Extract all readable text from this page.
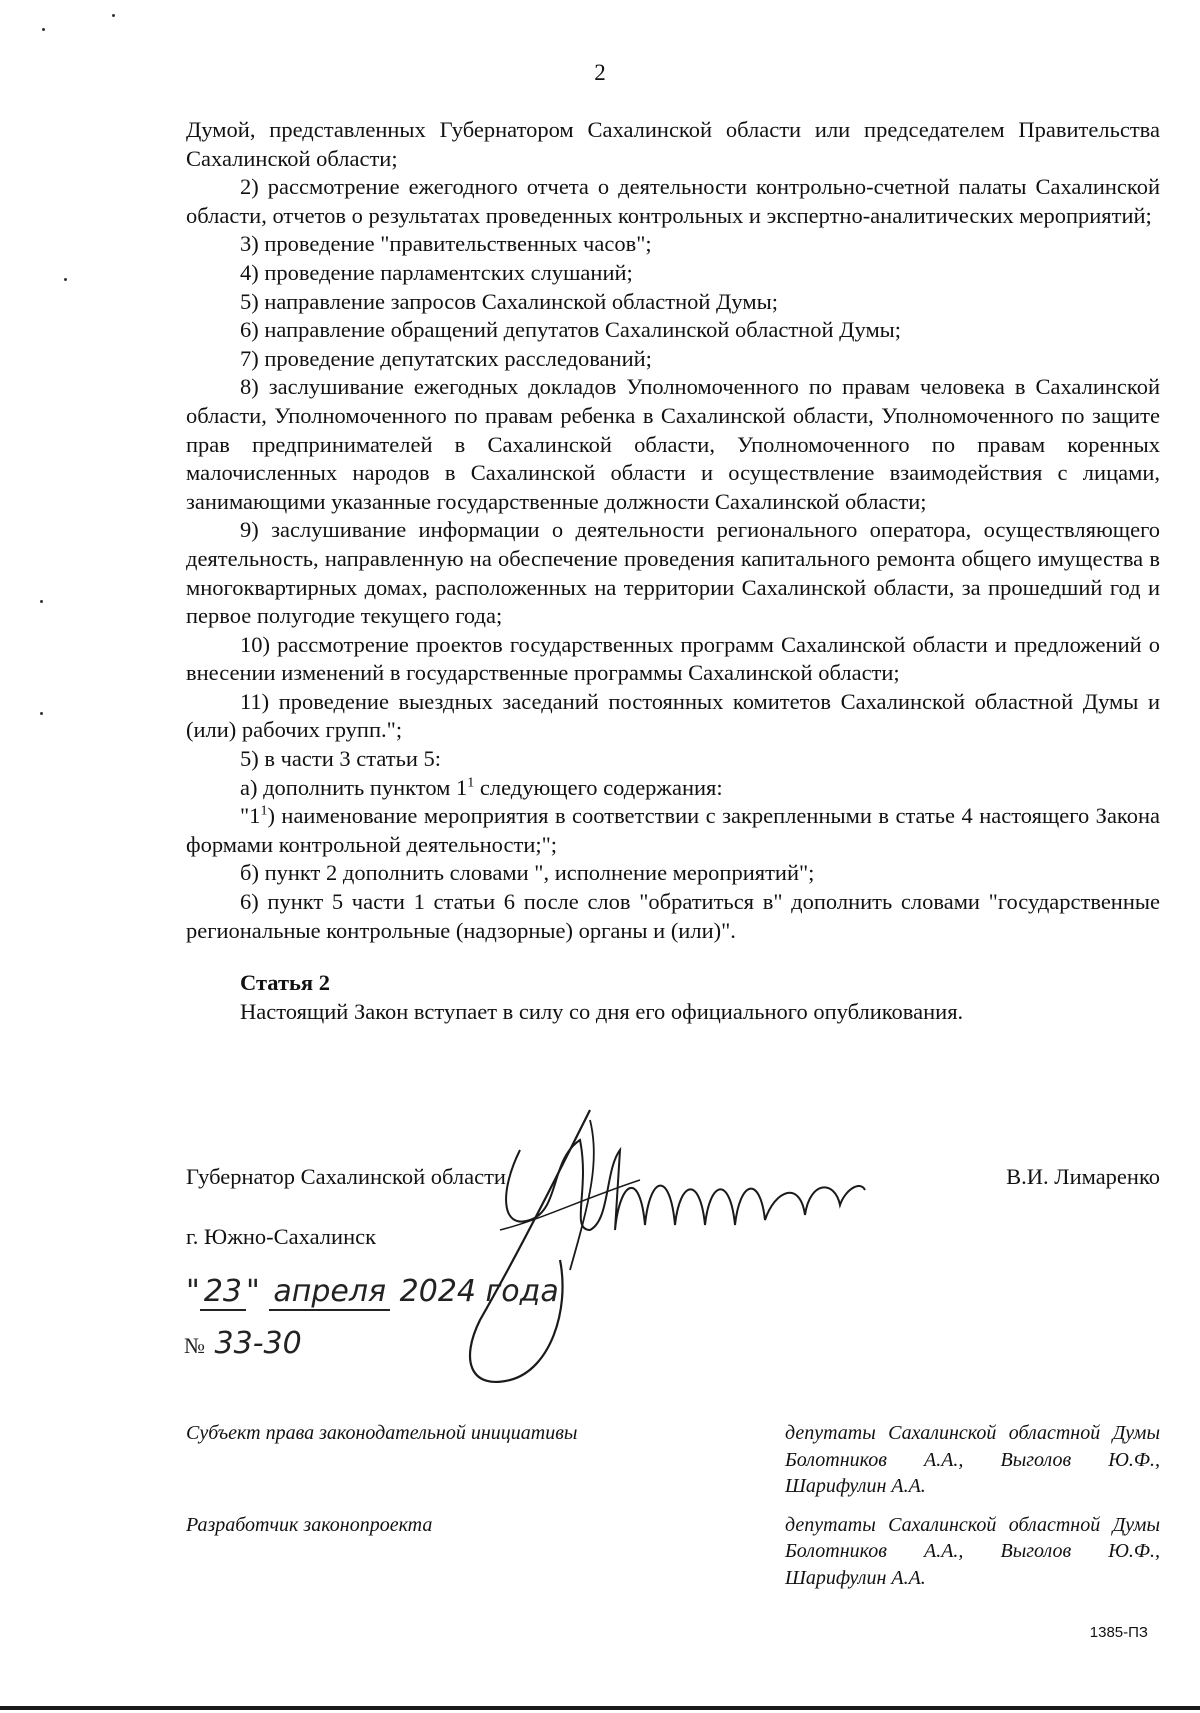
2

Думой, представленных Губернатором Сахалинской области или председателем Правительства Сахалинской области;

2) рассмотрение ежегодного отчета о деятельности контрольно-счетной палаты Сахалинской области, отчетов о результатах проведенных контрольных и экспертно-аналитических мероприятий;

3) проведение "правительственных часов";

4) проведение парламентских слушаний;

5) направление запросов Сахалинской областной Думы;

6) направление обращений депутатов Сахалинской областной Думы;

7) проведение депутатских расследований;

8) заслушивание ежегодных докладов Уполномоченного по правам человека в Сахалинской области, Уполномоченного по правам ребенка в Сахалинской области, Уполномоченного по защите прав предпринимателей в Сахалинской области, Уполномоченного по правам коренных малочисленных народов в Сахалинской области и осуществление взаимодействия с лицами, занимающими указанные государственные должности Сахалинской области;

9) заслушивание информации о деятельности регионального оператора, осуществляющего деятельность, направленную на обеспечение проведения капитального ремонта общего имущества в многоквартирных домах, расположенных на территории Сахалинской области, за прошедший год и первое полугодие текущего года;

10) рассмотрение проектов государственных программ Сахалинской области и предложений о внесении изменений в государственные программы Сахалинской области;

11) проведение выездных заседаний постоянных комитетов Сахалинской областной Думы и (или) рабочих групп.";

5) в части 3 статьи 5:

а) дополнить пунктом $1^1$ следующего содержания:

"$1^1$) наименование мероприятия в соответствии с закрепленными в статье 4 настоящего Закона формами контрольной деятельности;";

б) пункт 2 дополнить словами ", исполнение мероприятий";

6) пункт 5 части 1 статьи 6 после слов "обратиться в" дополнить словами "государственные региональные контрольные (надзорные) органы и (или)".

Статья 2

Настоящий Закон вступает в силу со дня его официального опубликования.

Губернатор Сахалинской области	В.И. Лимаренко
г. Южно-Сахалинск
" 23 " апреля 2024 года
№ 33-30
Субъект права законодательной инициативы
Разработчик законопроекта

депутаты Сахалинской областной Думы Болотников А.А., Выголов Ю.Ф., Шарифулин А.А.

депутаты Сахалинской областной Думы Болотников А.А., Выголов Ю.Ф., Шарифулин А.А.

1385-ПЗ
